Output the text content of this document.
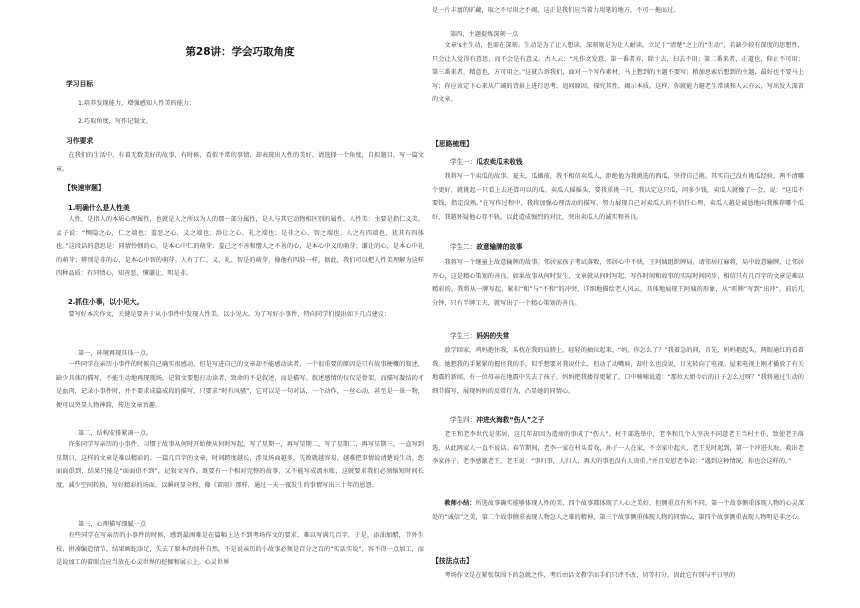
第28讲：学会巧取角度
学习目标
1.培养发现能力，增强感知人性美的能力；
2.巧取角度，写作记叙文。
习作要求
在我们的生活中，有着无数美好的故事，有时候，看似平常的事情，却表现出人性的美好。请选择一个角度，自拟题目，写一篇文章。
【快速审题】
1.明确什么是人性美
人性，是指人的本质心理属性，也就是人之所以为人的那一部分属性，是人与其它动物相区别的属性。人性美：主要是指仁义美。孟子说：“恻隐之心，仁之端也；羞恶之心，义之端也；辞让之心，礼之端也；是非之心，智之端也。人之有四端也，犹其有四体也。”这段话的意思是：同情怜悯的心，是本心中仁的萌芽；羞己之不善和憎人之不善的心，是本心中义的萌芽；谦让的心，是本心中礼的萌芽；辨别是非的心，是本心中智的萌芽。人有了仁、义、礼、智是的萌芽，像他有四肢一样。据此，我们可以把人性美理解为这样四种品质：有同情心，知善恶，懂谦让，明是非。
2.抓住小事，以小见大。
要写好本次作文，关键是要善于从小事件中发现人性美，以小见大。为了写好小事件，特向同学们提出如下几点建议：
第一，环境再现具体一点。
一些同学在亲历小事件的时候自己确实很感动，但是写进自己的文章却不能感动读者，一个很重要的原因是只有故事梗概的叙述，缺少具体的描写，不能生动地再现现场，记叙文要想打动读者，致命的不是叙述，而是描写。叙述感情的仅仅是骨架，而描写凝结的才是血肉，记录小事件时，并不要求成篇成段的描写，只要求“时有风骚”，它可以是一句对话，一个动作，一丝心动，甚至是一景一物，便可以突显人物神韵，传达文章旨趣。
第二，结构安排紧凑一点。
许多同学写亲历的小事件，习惯于故事从何时开始便从何时写起，写了星期一，再写星期二，写了星期二，再写星期三，一直写到星期日，这样的文章是难以精彩的。一篇几百字的文章，时间跨度越长，涉及场面越多，失败就越容易，越难把事情说清楚说生动。您面面俱到，结果只能是“面面俱不到”，记叙文写作，既要有一个相对完整的故事，又不能写成流水账，这就要求我们必须缩短时间长度，减少空间转换，写好精彩的场面，以瞬间显全程，像《雷雨》那样，通过一天一夜发生的事情写出三十年的恩怨。
第三，心理描写细腻一点
有些同学在写亲历的小事件的时候，感到最困难是在篇幅上达不到考场作文的要求，难以写满几百字，于是，添油加醋，节外生枝，拼凑编造情节，结果画蛇添足，失去了原本的纯朴自然。不是说亲历的小故事必须是百分之百的“实话实说”，容不得一点加工，而是说加工的着眼点应当放在心灵世界的挖掘和展示上。心灵世界
是一片丰富的旷藏，取之不尽用之不竭，这正是我们应当着力用笔的地方，不可一拖而过。
第四，主题提炼深刻一点
文章's主生动，也需在深刻。生动是为了让人想读，深刻则是为让人耐读。立足于“清楚”之上的“生动”，若缺少较有深度的思想性，只会让人觉得有意思，而不会是有意义。古人云：“凡作文发意，第一番者弃，除十去，扫去不用；第二番来者，正道也，仰止不可用；第三番来者，精意也，方可用之。”这就告诉我们，面对一个写作素材，马上想到的主题不要写；稍加思索后想到的主题，最好也不要马上写；你应该定下心来从广阔的背景上进行思考，追问原因，探究其性，揭示本质。这样，你就能力避老生常谈和人云亦云，写出发人深省的文章。
【思路梳理】
学生一：瓜农卖瓜未收钱
我将写一个卖瓜的故事。夏天，瓜摊前，我不相信卖瓜人，拒绝他为我挑选的西瓜，坚持自己挑。其实自己没有挑瓜经验，两不清哪个更好，就挑起一只看上去还算可以的瓜。卖瓜人摇摇头，要我重挑一只，我认定这只瓜，问多少钱，卖瓜人就像了一会，说：“这瓜不要钱，指定没熟。”在写作过程中，我将加强心理活动的描写，努力展现自己对卖瓜人的不信任心理，卖瓜人越是诚恳地向我推荐哪个瓜好，我越怀疑他心存不轨。以此造成强烈的对比，突出卖瓜人的诚实和善良。
学生二：故意输牌的故事
我将写一个继童上故意输牌的故事。邻居家孩子考试落败，邻居心中不快，王阿姨组织牌局，请邻居打麻将，局中故意输牌，让邻居开心，这是精心策划的善良。如果故事从何时发生，文章就从何时写起，写作时间和故事的实际时间同步，相信只有几百字的文章是难以精彩的。我将从一牌写起，紧扣“和”与“不和”的冲突，详细地描绘老人风云，具体地展现王阿姨的形象，从“听牌”写到“出冲”，前后几分钟，只有半牌工夫，就写出了一个精心策划的善良。
学生三：妈妈的失常
放学回家，鸡妈抱住我，头枕在我的肩膀上，轻轻的抽泣起来。“妈，你怎么了？”我着急的问，首先，妈妈抱起头，两眼通红的看着我。她想我的手紧紧的握住我的手，似乎想要对我说什么，但动了动嘴唇，却什么也没说，目光转向了电视。屋来电视上刚才播放了有关地震的新闻，有一位母亲在地震中失去了孩子，妈妈把我搂得更紧了，口中喃喃说道：“那位大姐今后的日子怎么过呀？”我将通过生动的细节描写，展现妈妈的反常行为，凸显她的同情心。
学生四：冲进火海救“伤人”之子
老王和老李世代是邻居，这几年却因为造房的事成了“伤人”。村干部选举中，老李和几个人坚决不同意老王当村主任，致使老王落选，从此两家人一直不说话。春节期间，老李一家在村头看戏，孙子一人在家，不幸家中起火，老王见时起到，第一个冲进火海，救出老李家孙子。老李感激老王，老王说：“事归事，人归人，再大的事也没有人贵重。”并且安慰老李说：“遇到这种情况，你也会这样的。”
教师小结：所选故事确实能够体现人性的美，四个故事都体现了人心之美好，但侧重点有所不同，第一个故事侧重体现人物的心灵深处的“诚信”之美，第二个故事侧重表现人物急人之难的精神，第三个故事侧重体现人物的同情心，第四个故事侧重表现人物明是非之心。
【技法点击】
考场作文是在紧张氛围下的急就之作，考后由话文教学而手们只评不改，切等打分。因此它有别与平日里的
